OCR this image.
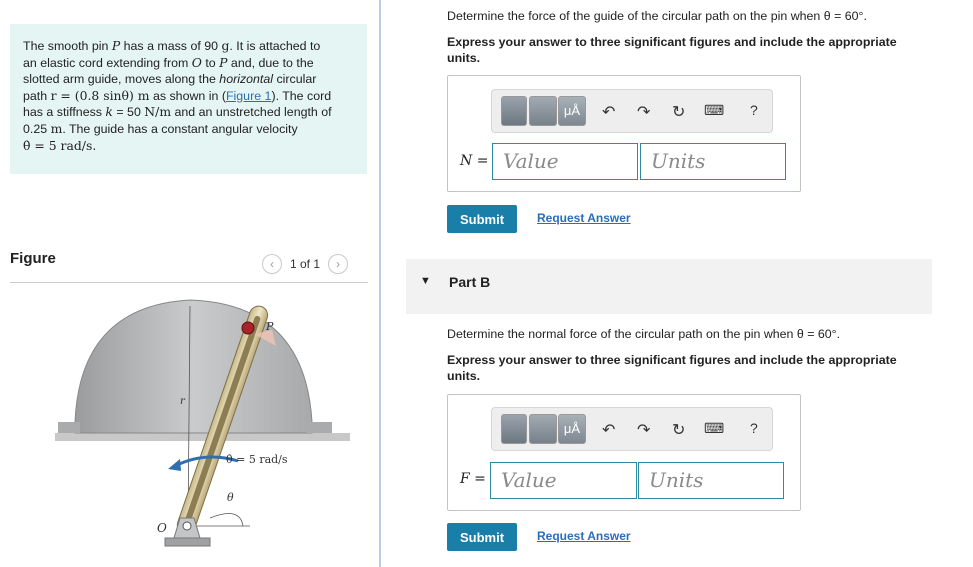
The smooth pin P has a mass of 90 g. It is attached to
an elastic cord extending from O to P and, due to the
slotted arm guide, moves along the horizontal circular
path r = (0.8 sinθ) m as shown in (Figure 1). The cord
has a stiffness k = 50 N/m and an unstretched length of
0.25 m. The guide has a constant angular velocity
θ̇ = 5 rad/s.
Figure	‹	1 of 1	›
P
r
θ̇ = 5 rad/s
θ
O
Determine the force of the guide of the circular path on the pin when θ = 60°.
Express your answer to three significant figures and include the appropriate units.
μÅ	↶ ↷ ↻ ⌨ ?
N = Value	Units
Submit	Request Answer
▼ Part B
Determine the normal force of the circular path on the pin when θ = 60°.
Express your answer to three significant figures and include the appropriate units.
μÅ	↶ ↷ ↻ ⌨ ?
F = Value	Units
Submit	Request Answer
